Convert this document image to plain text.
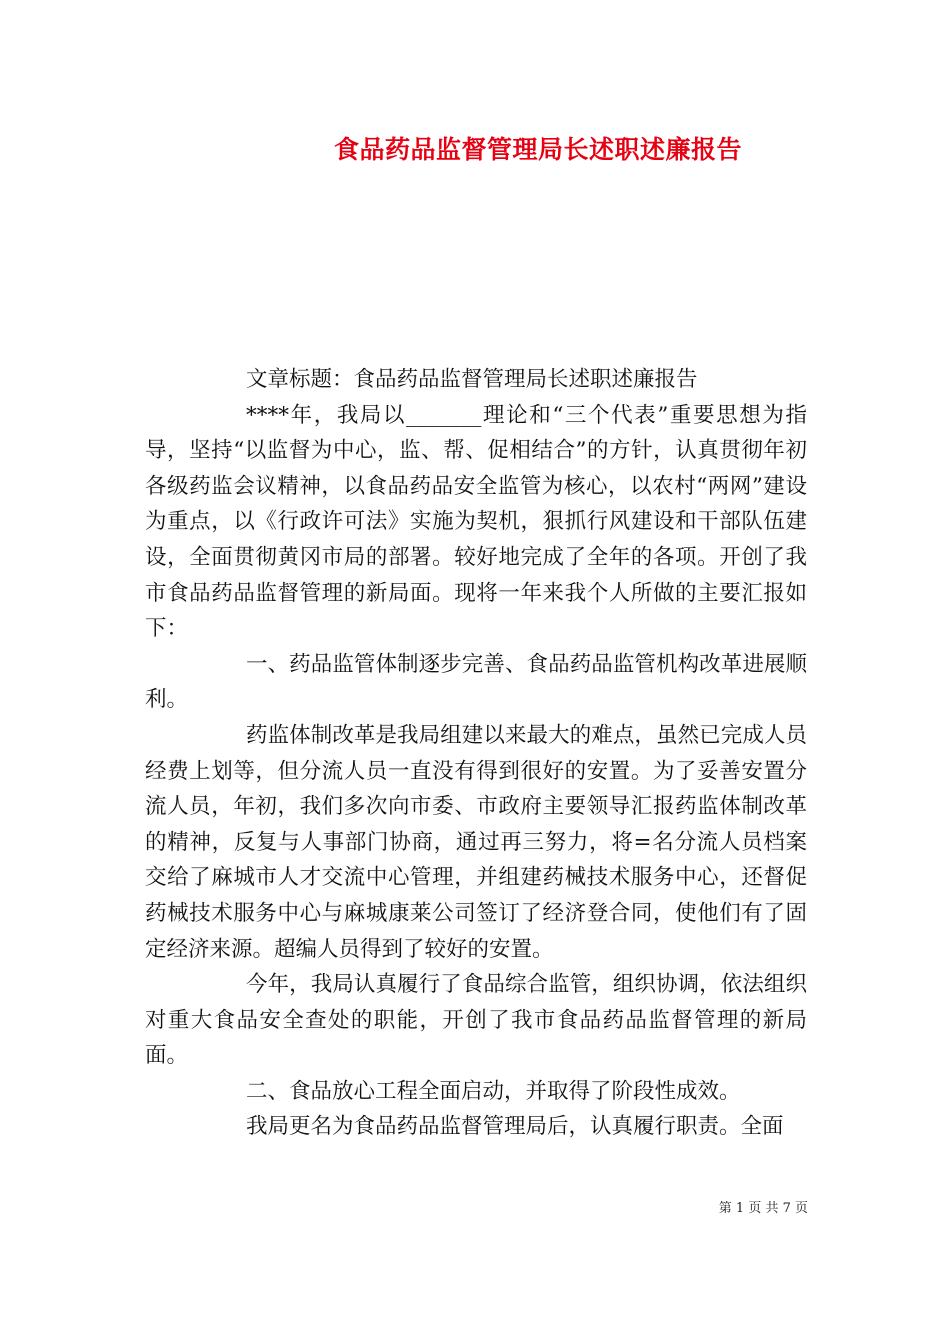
食品药品监督管理局长述职述廉报告

文章标题：食品药品监督管理局长述职述廉报告

****年，我局以_______理论和“三个代表”重要思想为指导，坚持“以监督为中心，监、帮、促相结合”的方针，认真贯彻年初各级药监会议精神，以食品药品安全监管为核心，以农村“两网”建设为重点，以《行政许可法》实施为契机，狠抓行风建设和干部队伍建设，全面贯彻黄冈市局的部署。较好地完成了全年的各项。开创了我市食品药品监督管理的新局面。现将一年来我个人所做的主要汇报如下：

一、药品监管体制逐步完善、食品药品监管机构改革进展顺利。

药监体制改革是我局组建以来最大的难点，虽然已完成人员经费上划等，但分流人员一直没有得到很好的安置。为了妥善安置分流人员，年初，我们多次向市委、市政府主要领导汇报药监体制改革的精神，反复与人事部门协商，通过再三努力，将=名分流人员档案交给了麻城市人才交流中心管理，并组建药械技术服务中心，还督促药械技术服务中心与麻城康莱公司签订了经济登合同，使他们有了固定经济来源。超编人员得到了较好的安置。

今年，我局认真履行了食品综合监管，组织协调，依法组织对重大食品安全查处的职能，开创了我市食品药品监督管理的新局面。

二、食品放心工程全面启动，并取得了阶段性成效。

我局更名为食品药品监督管理局后，认真履行职责。全面

第 1 页 共 7 页
